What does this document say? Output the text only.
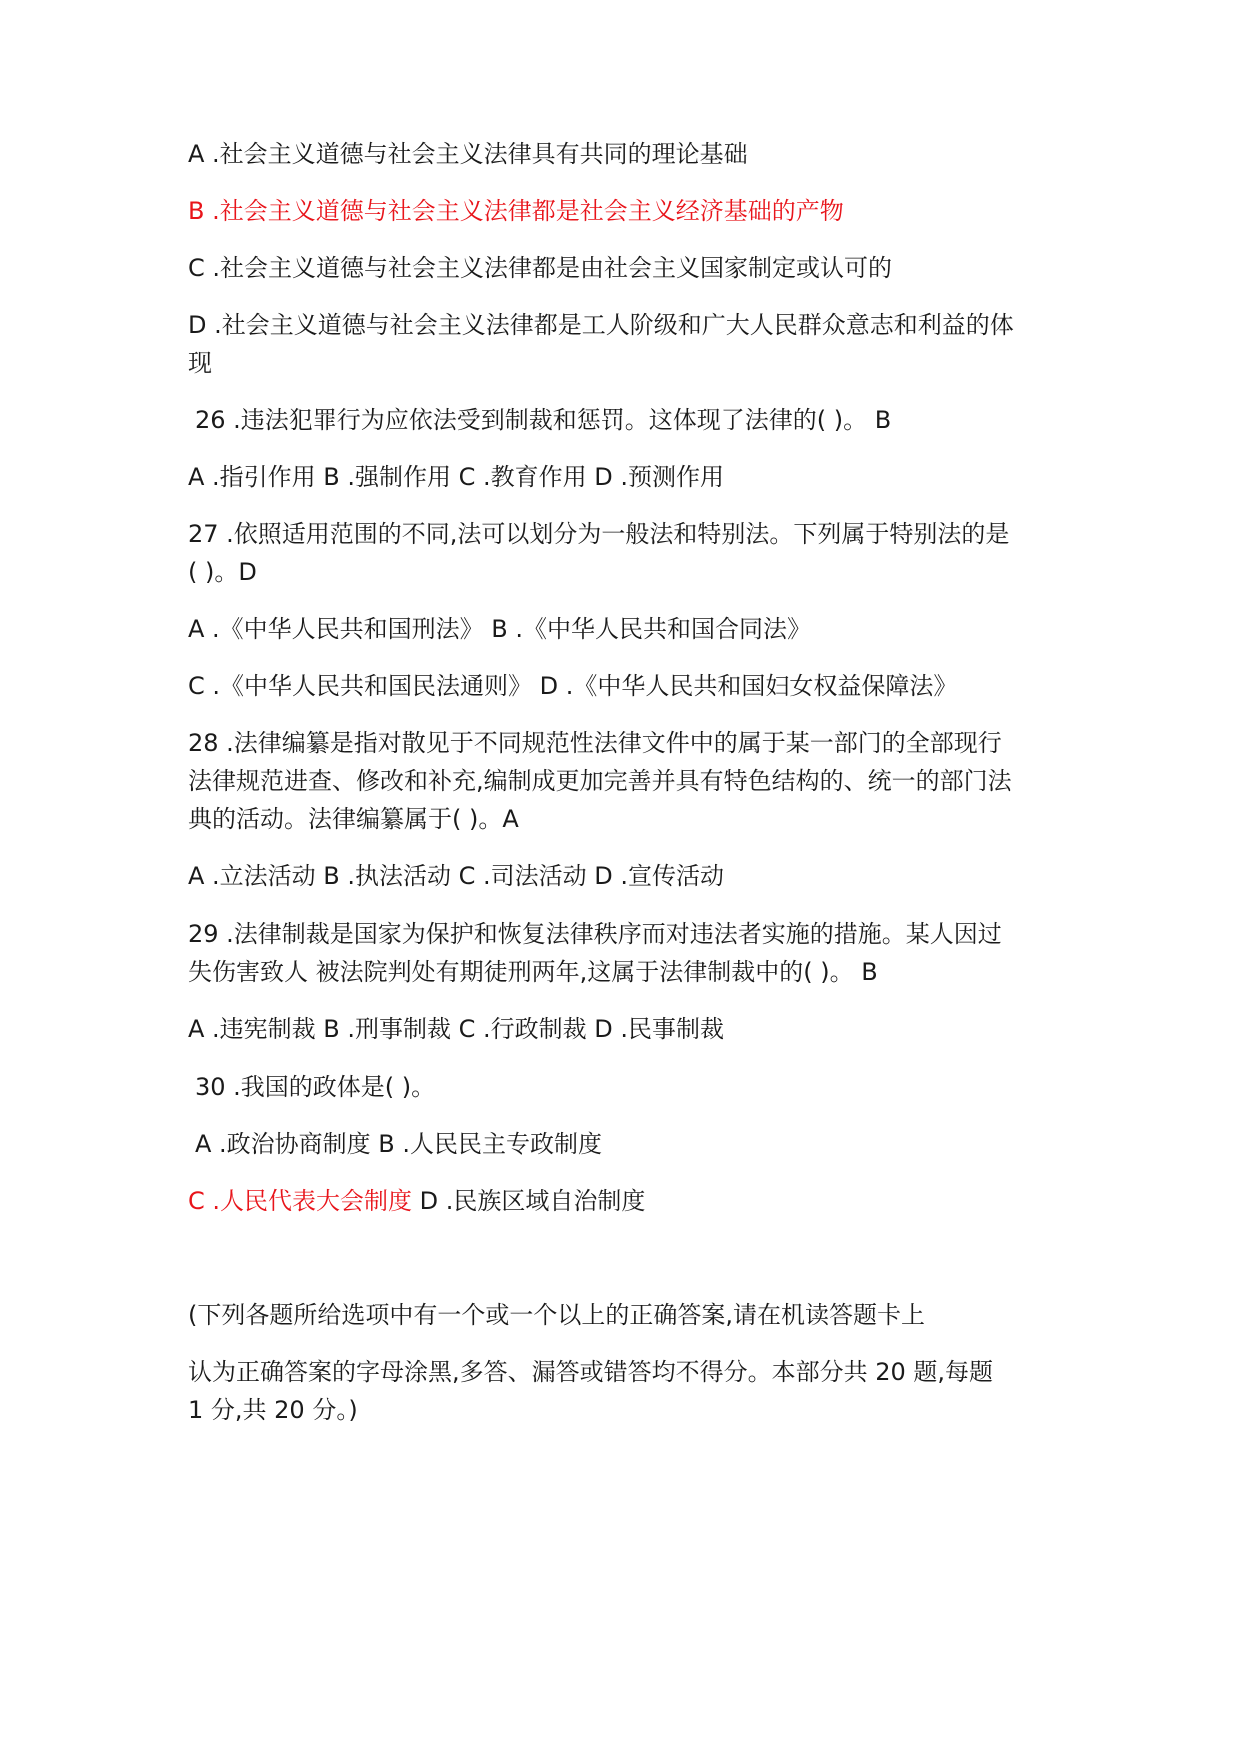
A .社会主义道德与社会主义法律具有共同的理论基础
B .社会主义道德与社会主义法律都是社会主义经济基础的产物
C .社会主义道德与社会主义法律都是由社会主义国家制定或认可的
D .社会主义道德与社会主义法律都是工人阶级和广大人民群众意志和利益的体
现
26 .违法犯罪行为应依法受到制裁和惩罚。这体现了法律的( )。 B
A .指引作用 B .强制作用 C .教育作用 D .预测作用
27 .依照适用范围的不同,法可以划分为一般法和特别法。下列属于特别法的是
( )。D
A .《中华人民共和国刑法》 B .《中华人民共和国合同法》
C .《中华人民共和国民法通则》 D .《中华人民共和国妇女权益保障法》
28 .法律编纂是指对散见于不同规范性法律文件中的属于某一部门的全部现行
法律规范进查、修改和补充,编制成更加完善并具有特色结构的、统一的部门法
典的活动。法律编纂属于( )。A
A .立法活动 B .执法活动 C .司法活动 D .宣传活动
29 .法律制裁是国家为保护和恢复法律秩序而对违法者实施的措施。某人因过
失伤害致人 被法院判处有期徒刑两年,这属于法律制裁中的( )。 B
A .违宪制裁 B .刑事制裁 C .行政制裁 D .民事制裁
30 .我国的政体是( )。
A .政治协商制度 B .人民民主专政制度
C .人民代表大会制度 D .民族区域自治制度
(下列各题所给选项中有一个或一个以上的正确答案,请在机读答题卡上
认为正确答案的字母涂黑,多答、漏答或错答均不得分。本部分共 20 题,每题
1 分,共 20 分。)
